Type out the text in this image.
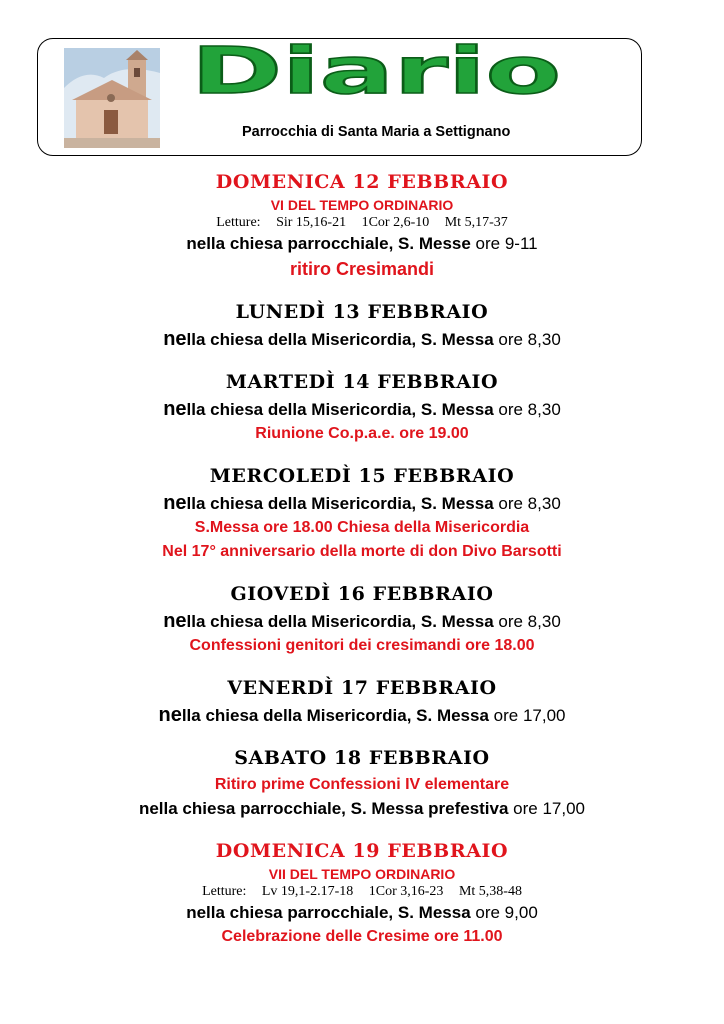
Diario
Parrocchia di Santa Maria a Settignano
DOMENICA 12 FEBBRAIO
VI DEL TEMPO ORDINARIO
Letture: Sir 15,16-21 1Cor 2,6-10 Mt 5,17-37
nella chiesa parrocchiale, S. Messe ore 9-11
ritiro Cresimandi
LUNEDÌ 13 FEBBRAIO
nella chiesa della Misericordia, S. Messa ore 8,30
MARTEDÌ 14 FEBBRAIO
nella chiesa della Misericordia, S. Messa ore 8,30
Riunione Co.p.a.e. ore 19.00
MERCOLEDÌ 15 FEBBRAIO
nella chiesa della Misericordia, S. Messa ore 8,30
S.Messa ore 18.00 Chiesa della Misericordia
Nel 17° anniversario della morte di don Divo Barsotti
GIOVEDÌ 16 FEBBRAIO
nella chiesa della Misericordia, S. Messa ore 8,30
Confessioni genitori dei cresimandi ore 18.00
VENERDÌ 17 FEBBRAIO
nella chiesa della Misericordia, S. Messa ore 17,00
SABATO 18 FEBBRAIO
Ritiro prime Confessioni IV elementare
nella chiesa parrocchiale, S. Messa prefestiva ore 17,00
DOMENICA 19 FEBBRAIO
VII DEL TEMPO ORDINARIO
Letture: Lv 19,1-2.17-18 1Cor 3,16-23 Mt 5,38-48
nella chiesa parrocchiale, S. Messa ore 9,00
Celebrazione delle Cresime ore 11.00
